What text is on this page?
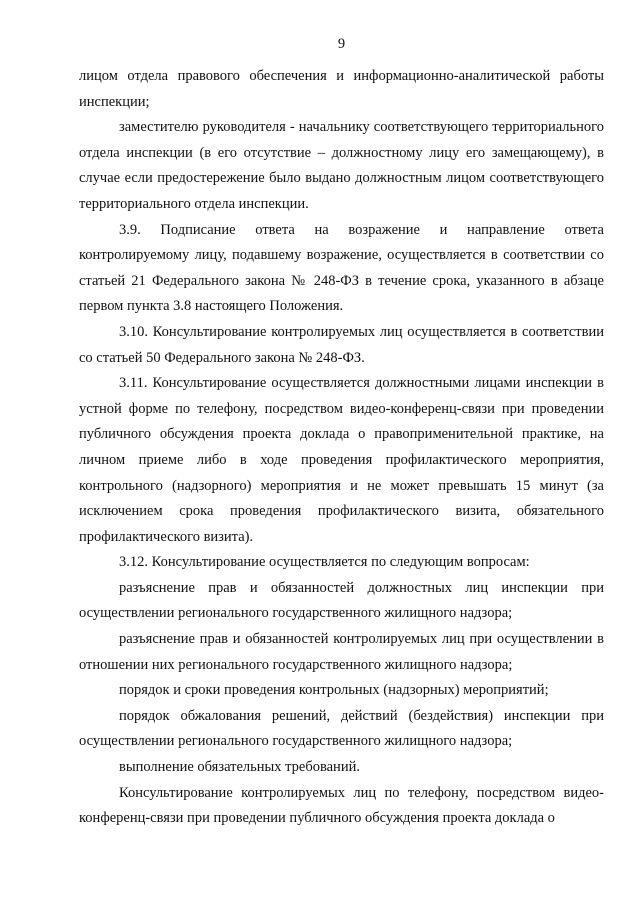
9

лицом отдела правового обеспечения и информационно-аналитической работы инспекции;

заместителю руководителя - начальнику соответствующего территориального отдела инспекции (в его отсутствие – должностному лицу его замещающему), в случае если предостережение было выдано должностным лицом соответствующего территориального отдела инспекции.

3.9. Подписание ответа на возражение и направление ответа контролируемому лицу, подавшему возражение, осуществляется в соответствии со статьей 21 Федерального закона № 248-ФЗ в течение срока, указанного в абзаце первом пункта 3.8 настоящего Положения.

3.10. Консультирование контролируемых лиц осуществляется в соответствии со статьей 50 Федерального закона № 248-ФЗ.

3.11. Консультирование осуществляется должностными лицами инспекции в устной форме по телефону, посредством видео-конференц-связи при проведении публичного обсуждения проекта доклада о правоприменительной практике, на личном приеме либо в ходе проведения профилактического мероприятия, контрольного (надзорного) мероприятия и не может превышать 15 минут (за исключением срока проведения профилактического визита, обязательного профилактического визита).

3.12. Консультирование осуществляется по следующим вопросам:

разъяснение прав и обязанностей должностных лиц инспекции при осуществлении регионального государственного жилищного надзора;

разъяснение прав и обязанностей контролируемых лиц при осуществлении в отношении них регионального государственного жилищного надзора;

порядок и сроки проведения контрольных (надзорных) мероприятий;

порядок обжалования решений, действий (бездействия) инспекции при осуществлении регионального государственного жилищного надзора;

выполнение обязательных требований.

Консультирование контролируемых лиц по телефону, посредством видео-конференц-связи при проведении публичного обсуждения проекта доклада о
